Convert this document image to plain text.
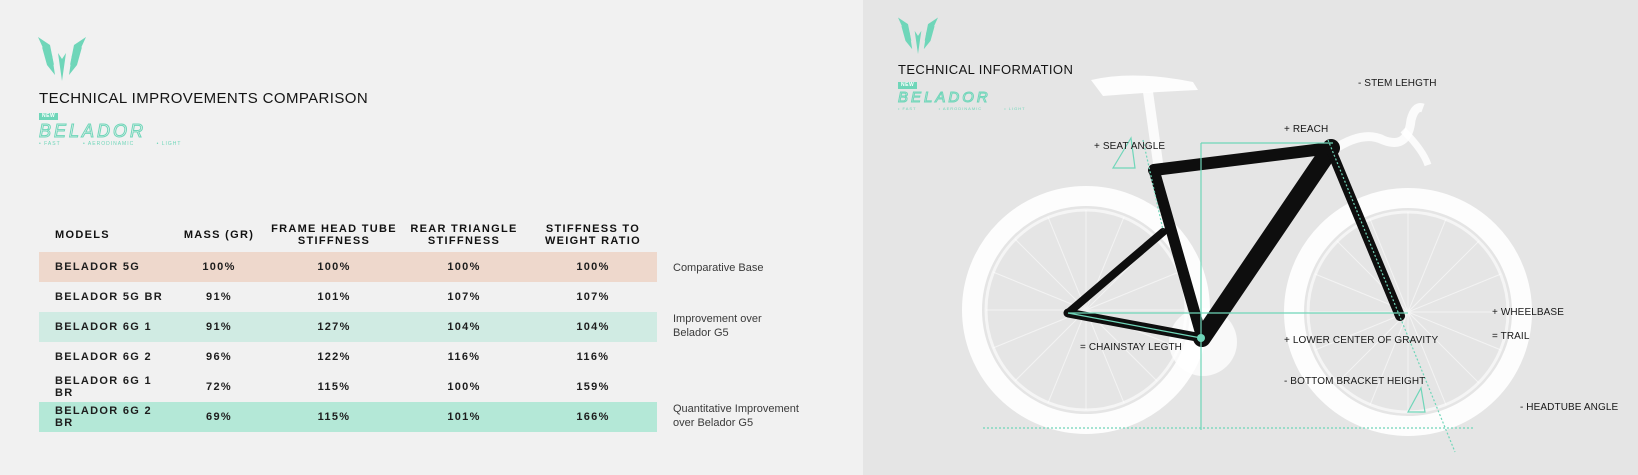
TECHNICAL IMPROVEMENTS COMPARISON
NEW
BELADOR
• FAST	• AERODINAMIC	• LIGHT
MODELS	MASS (GR)	FRAME HEAD TUBE STIFFNESS	REAR TRIANGLE STIFFNESS	STIFFNESS TO WEIGHT RATIO
BELADOR 5G	100%	100%	100%	100%
BELADOR 5G BR	91%	101%	107%	107%
BELADOR 6G 1	91%	127%	104%	104%
BELADOR 6G 2	96%	122%	116%	116%
BELADOR 6G 1 BR	72%	115%	100%	159%
BELADOR 6G 2 BR	69%	115%	101%	166%
Comparative Base
Improvement over Belador G5
Quantitative Improvement over Belador G5
TECHNICAL INFORMATION
NEW
BELADOR
• FAST	• AERODINAMIC	• LIGHT
- STEM LEHGTH
+ REACH
+ SEAT ANGLE
+ WHEELBASE
= TRAIL
+ LOWER CENTER OF GRAVITY
= CHAINSTAY LEGTH
- BOTTOM BRACKET HEIGHT
- HEADTUBE ANGLE
